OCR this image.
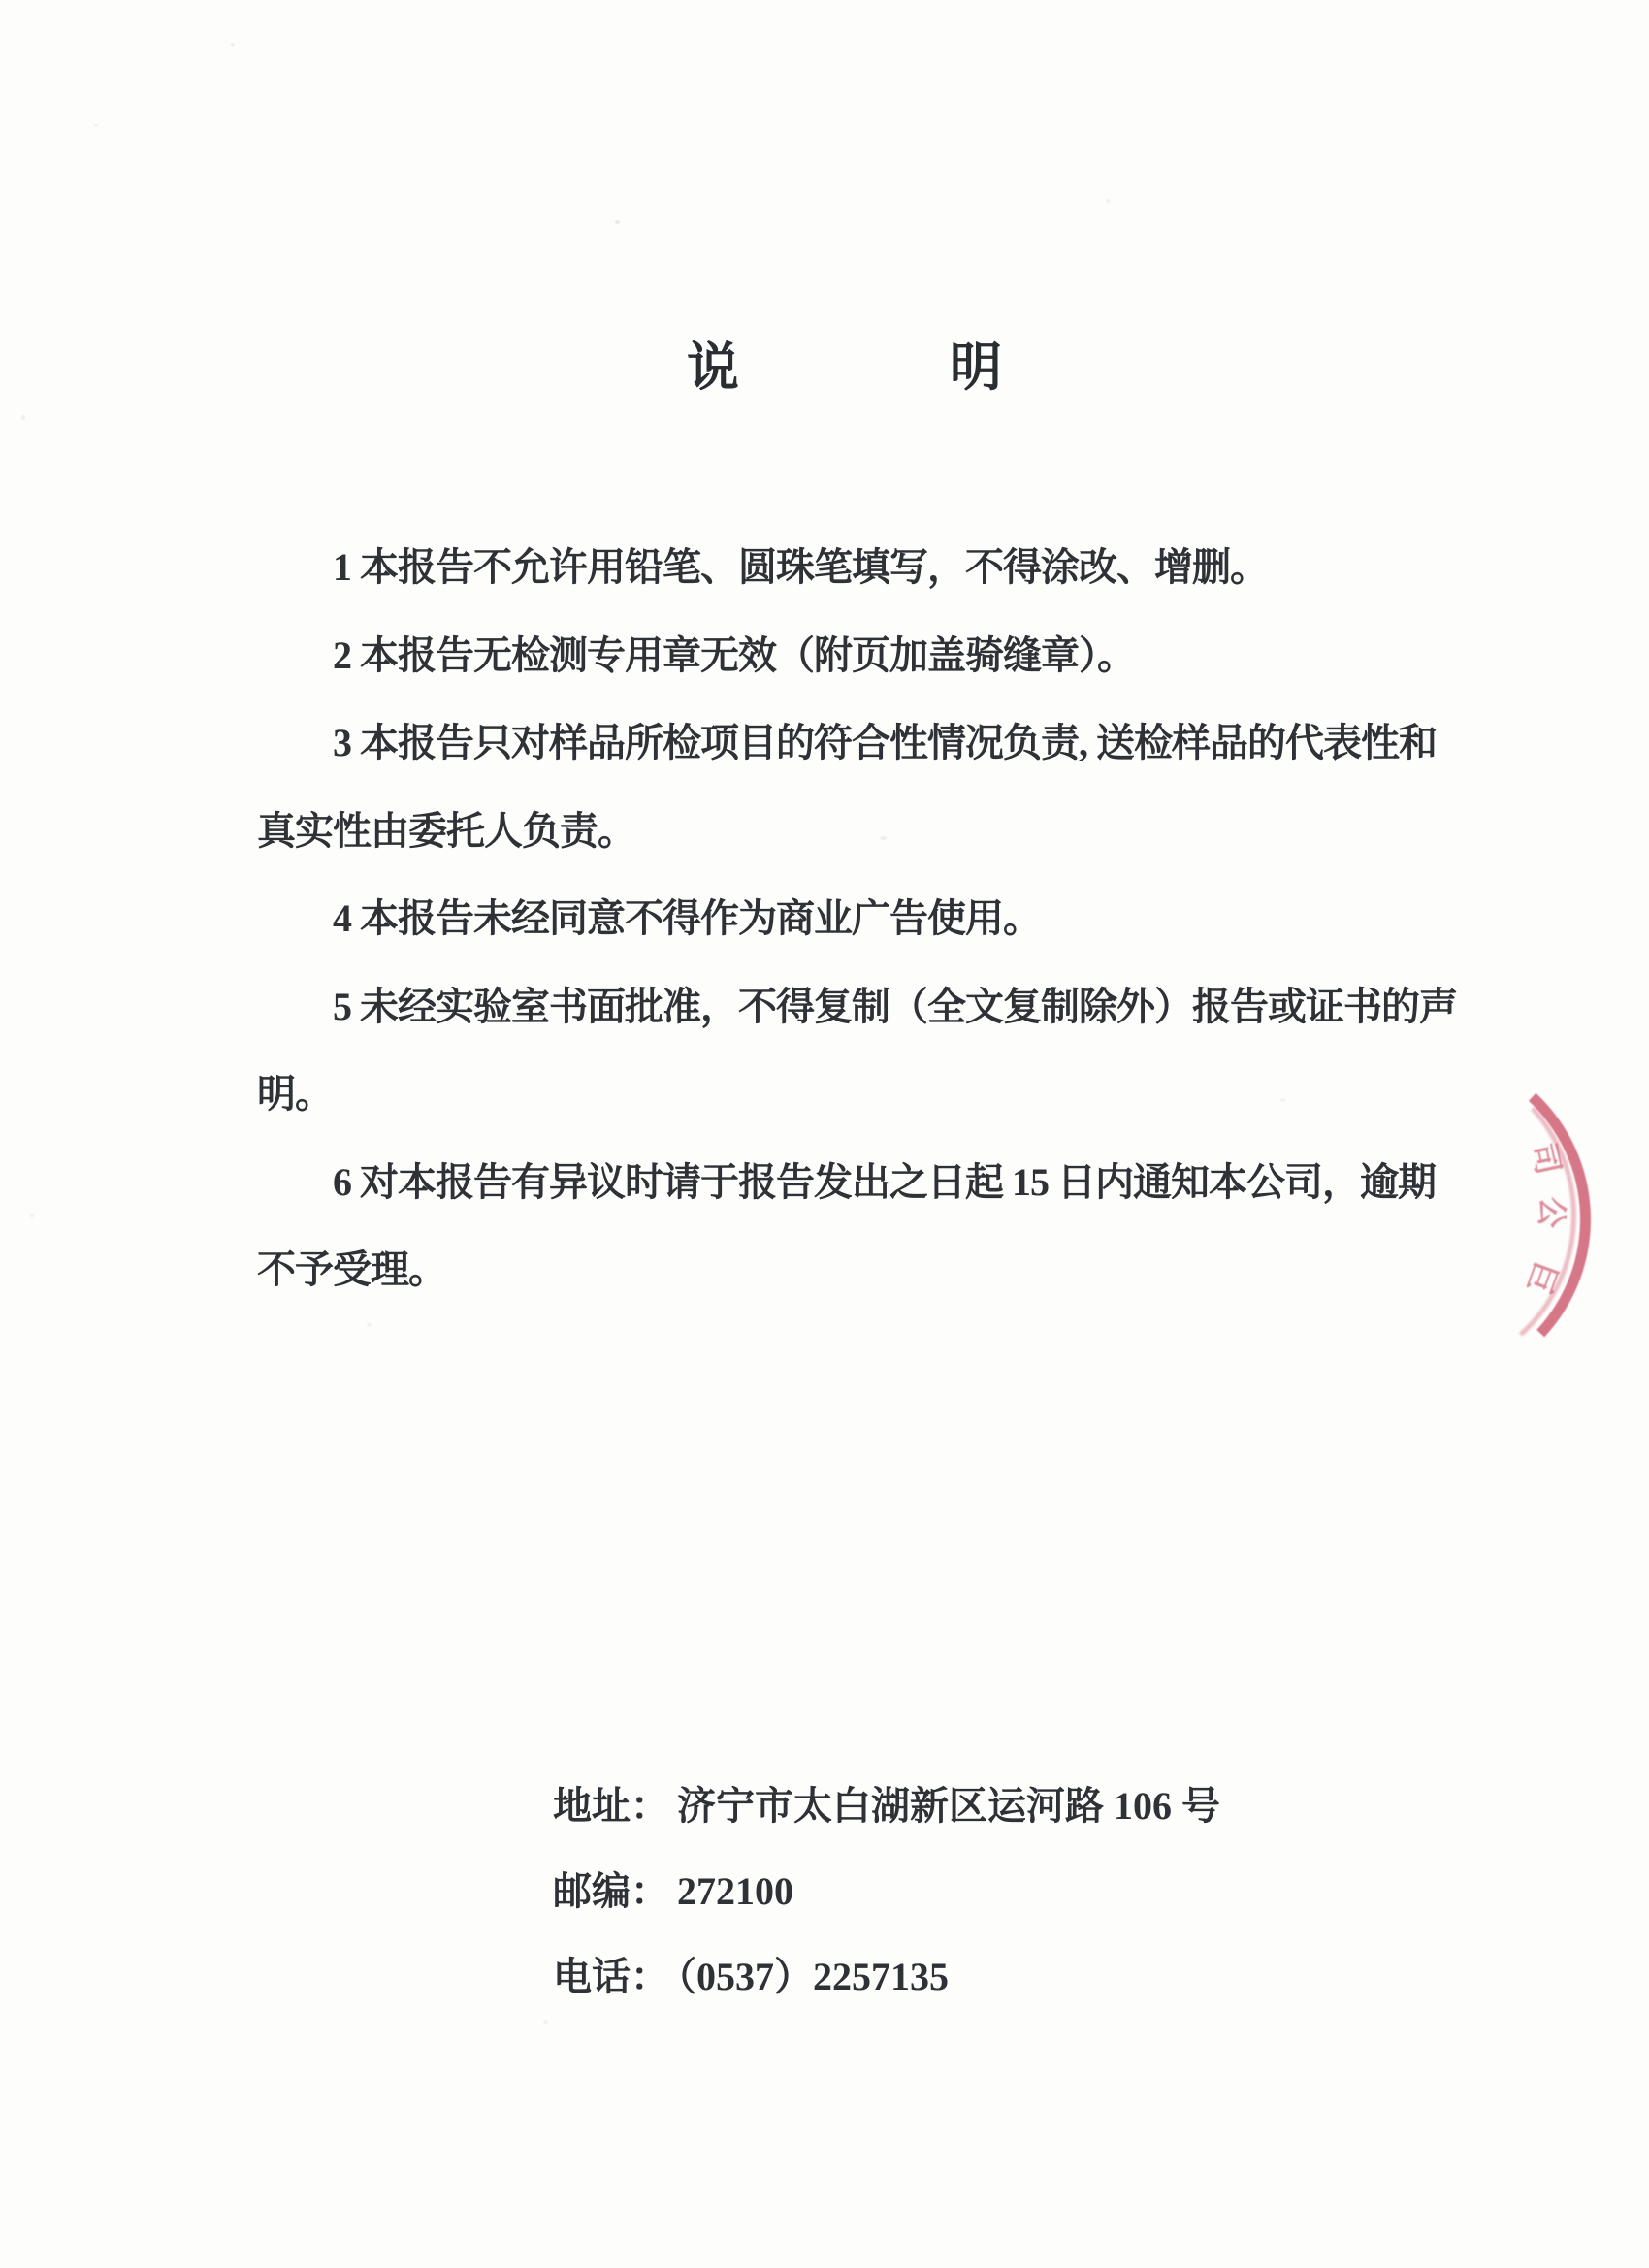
说明
1 本报告不允许用铅笔、圆珠笔填写，不得涂改、增删。
2 本报告无检测专用章无效（附页加盖骑缝章）。
3 本报告只对样品所检项目的符合性情况负责, 送检样品的代表性和
真实性由委托人负责。
4 本报告未经同意不得作为商业广告使用。
5 未经实验室书面批准，不得复制（全文复制除外）报告或证书的声
明。
6 对本报告有异议时请于报告发出之日起 15 日内通知本公司，逾期
不予受理。
地址： 济宁市太白湖新区运河路 106 号
邮编： 272100
电话： （0537）2257135
司
公
巨
